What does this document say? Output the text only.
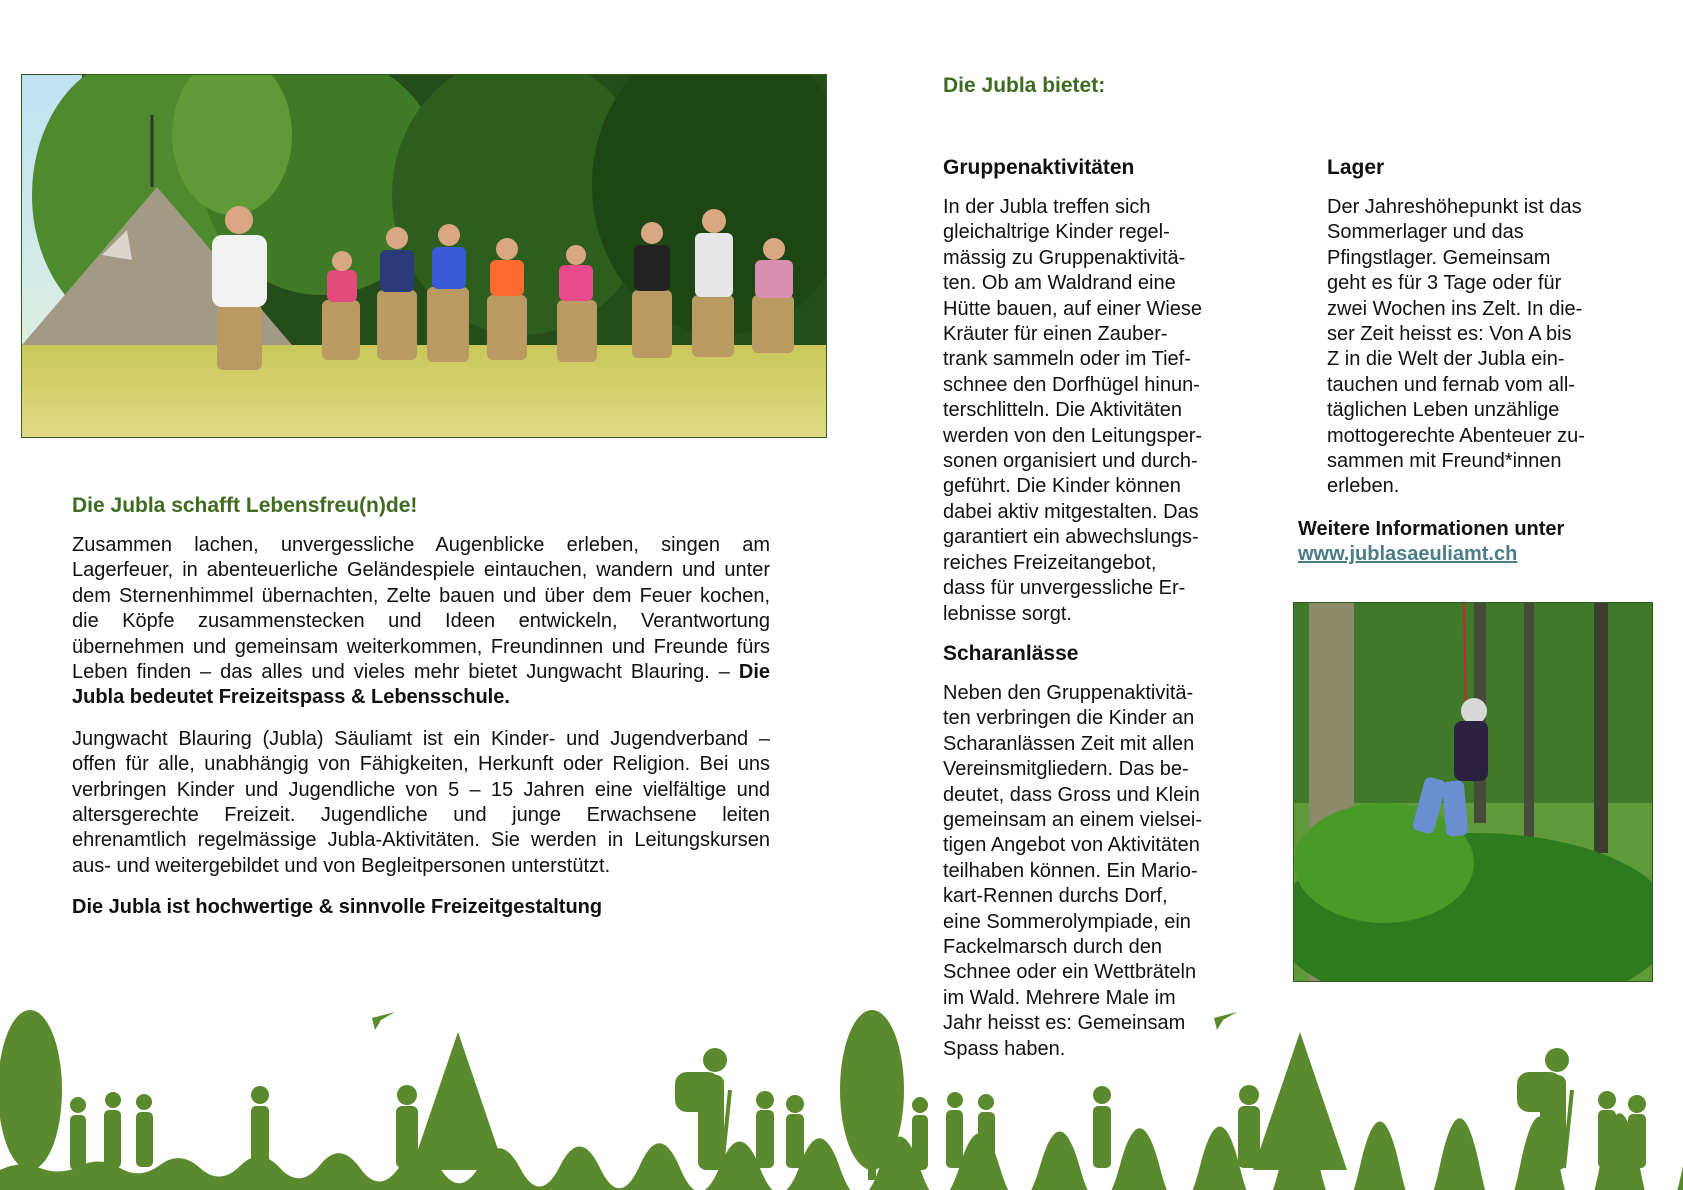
Die Jubla schafft Lebensfreu(n)de!

Zusammen lachen, unvergessliche Augenblicke erleben, singen am Lagerfeuer, in abenteuerliche Geländespiele eintauchen, wandern und unter dem Sternenhimmel übernachten, Zelte bauen und über dem Feuer kochen, die Köpfe zusammenstecken und Ideen entwickeln, Verantwortung übernehmen und gemeinsam weiterkommen, Freundinnen und Freunde fürs Leben finden – das alles und vieles mehr bietet Jungwacht Blauring. – Die Jubla bedeutet Freizeitspass & Lebensschule.

Jungwacht Blauring (Jubla) Säuliamt ist ein Kinder- und Jugendverband – offen für alle, unabhängig von Fähigkeiten, Herkunft oder Religion. Bei uns verbringen Kinder und Jugendliche von 5 – 15 Jahren eine vielfältige und altersgerechte Freizeit. Jugendliche und junge Erwachsene leiten ehrenamtlich regelmässige Jubla-Aktivitäten. Sie werden in Leitungskursen aus- und weitergebildet und von Begleitpersonen unterstützt.

Die Jubla ist hochwertige & sinnvolle Freizeitgestaltung

Die Jubla bietet:
Gruppenaktivitäten

In der Jubla treffen sich
gleichaltrige Kinder regel-
mässig zu Gruppenaktivitä-
ten. Ob am Waldrand eine
Hütte bauen, auf einer Wiese
Kräuter für einen Zauber-
trank sammeln oder im Tief-
schnee den Dorfhügel hinun-
terschlitteln. Die Aktivitäten
werden von den Leitungsper-
sonen organisiert und durch-
geführt. Die Kinder können
dabei aktiv mitgestalten. Das
garantiert ein abwechslungs-
reiches Freizeitangebot,
dass für unvergessliche Er-
lebnisse sorgt.

Scharanlässe

Neben den Gruppenaktivitä-
ten verbringen die Kinder an
Scharanlässen Zeit mit allen
Vereinsmitgliedern. Das be-
deutet, dass Gross und Klein
gemeinsam an einem vielsei-
tigen Angebot von Aktivitäten
teilhaben können. Ein Mario-
kart-Rennen durchs Dorf,
eine Sommerolympiade, ein
Fackelmarsch durch den
Schnee oder ein Wettbräteln
im Wald. Mehrere Male im
Jahr heisst es: Gemeinsam
Spass haben.

Lager

Der Jahreshöhepunkt ist das
Sommerlager und das
Pfingstlager. Gemeinsam
geht es für 3 Tage oder für
zwei Wochen ins Zelt. In die-
ser Zeit heisst es: Von A bis
Z in die Welt der Jubla ein-
tauchen und fernab vom all-
täglichen Leben unzählige
mottogerechte Abenteuer zu-
sammen mit Freund*innen
erleben.

Weitere Informationen unter
www.jublasaeuliamt.ch
